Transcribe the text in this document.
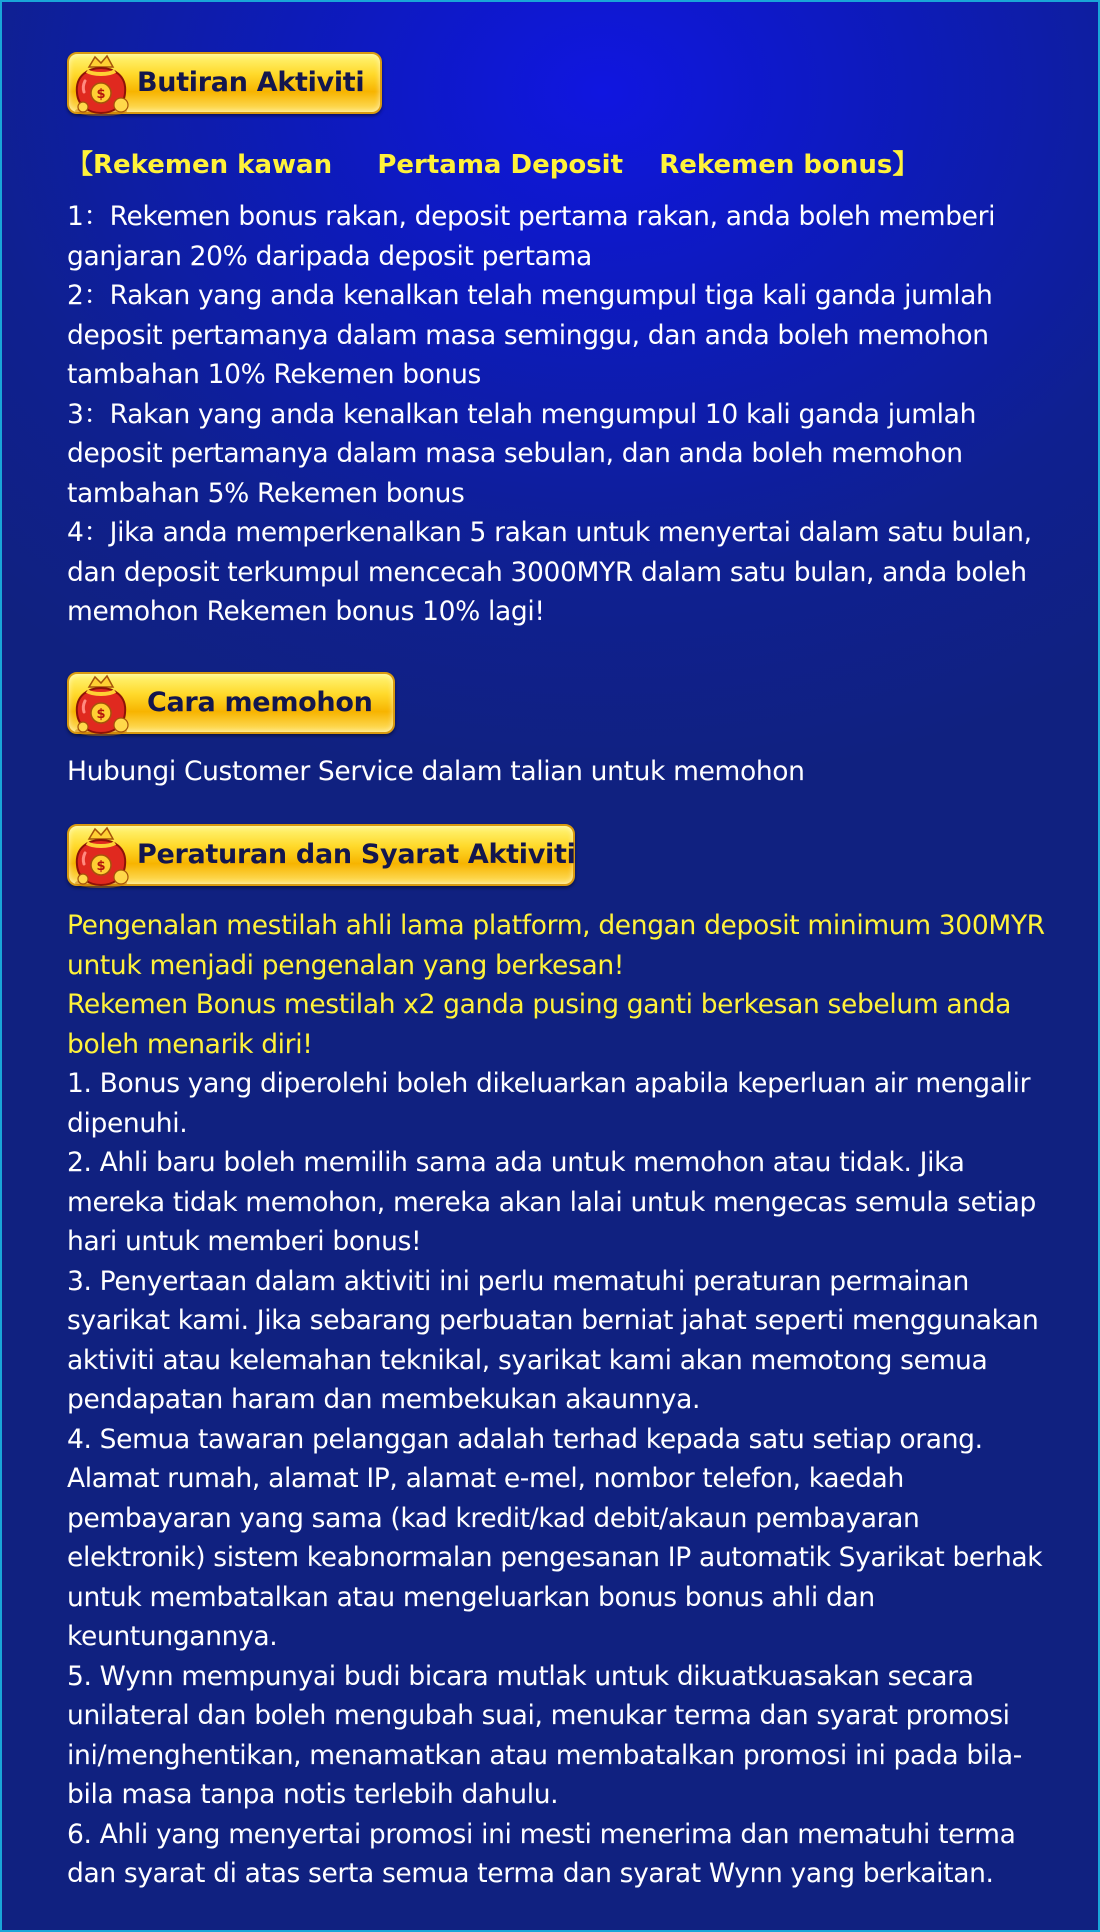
$ Butiran Aktiviti
【Rekemen kawan     Pertama Deposit    Rekemen bonus】

1：Rekemen bonus rakan, deposit pertama rakan, anda boleh memberi ganjaran 20% daripada deposit pertama

2：Rakan yang anda kenalkan telah mengumpul tiga kali ganda jumlah deposit pertamanya dalam masa seminggu, dan anda boleh memohon tambahan 10% Rekemen bonus

3：Rakan yang anda kenalkan telah mengumpul 10 kali ganda jumlah deposit pertamanya dalam masa sebulan, dan anda boleh memohon tambahan 5% Rekemen bonus

4：Jika anda memperkenalkan 5 rakan untuk menyertai dalam satu bulan, dan deposit terkumpul mencecah 3000MYR dalam satu bulan, anda boleh memohon Rekemen bonus 10% lagi!

$ Cara memohon

Hubungi Customer Service dalam talian untuk memohon

$ Peraturan dan Syarat Aktiviti

Pengenalan mestilah ahli lama platform, dengan deposit minimum 300MYR untuk menjadi pengenalan yang berkesan!

Rekemen Bonus mestilah x2 ganda pusing ganti berkesan sebelum anda boleh menarik diri!

1. Bonus yang diperolehi boleh dikeluarkan apabila keperluan air mengalir dipenuhi.

2. Ahli baru boleh memilih sama ada untuk memohon atau tidak. Jika mereka tidak memohon, mereka akan lalai untuk mengecas semula setiap hari untuk memberi bonus!

3. Penyertaan dalam aktiviti ini perlu mematuhi peraturan permainan syarikat kami. Jika sebarang perbuatan berniat jahat seperti menggunakan aktiviti atau kelemahan teknikal, syarikat kami akan memotong semua pendapatan haram dan membekukan akaunnya.

4. Semua tawaran pelanggan adalah terhad kepada satu setiap orang. Alamat rumah, alamat IP, alamat e-mel, nombor telefon, kaedah pembayaran yang sama (kad kredit/kad debit/akaun pembayaran elektronik) sistem keabnormalan pengesanan IP automatik Syarikat berhak untuk membatalkan atau mengeluarkan bonus bonus ahli dan keuntungannya.

5. Wynn mempunyai budi bicara mutlak untuk dikuatkuasakan secara unilateral dan boleh mengubah suai, menukar terma dan syarat promosi ini/menghentikan, menamatkan atau membatalkan promosi ini pada bila-bila masa tanpa notis terlebih dahulu.

6. Ahli yang menyertai promosi ini mesti menerima dan mematuhi terma dan syarat di atas serta semua terma dan syarat Wynn yang berkaitan.
